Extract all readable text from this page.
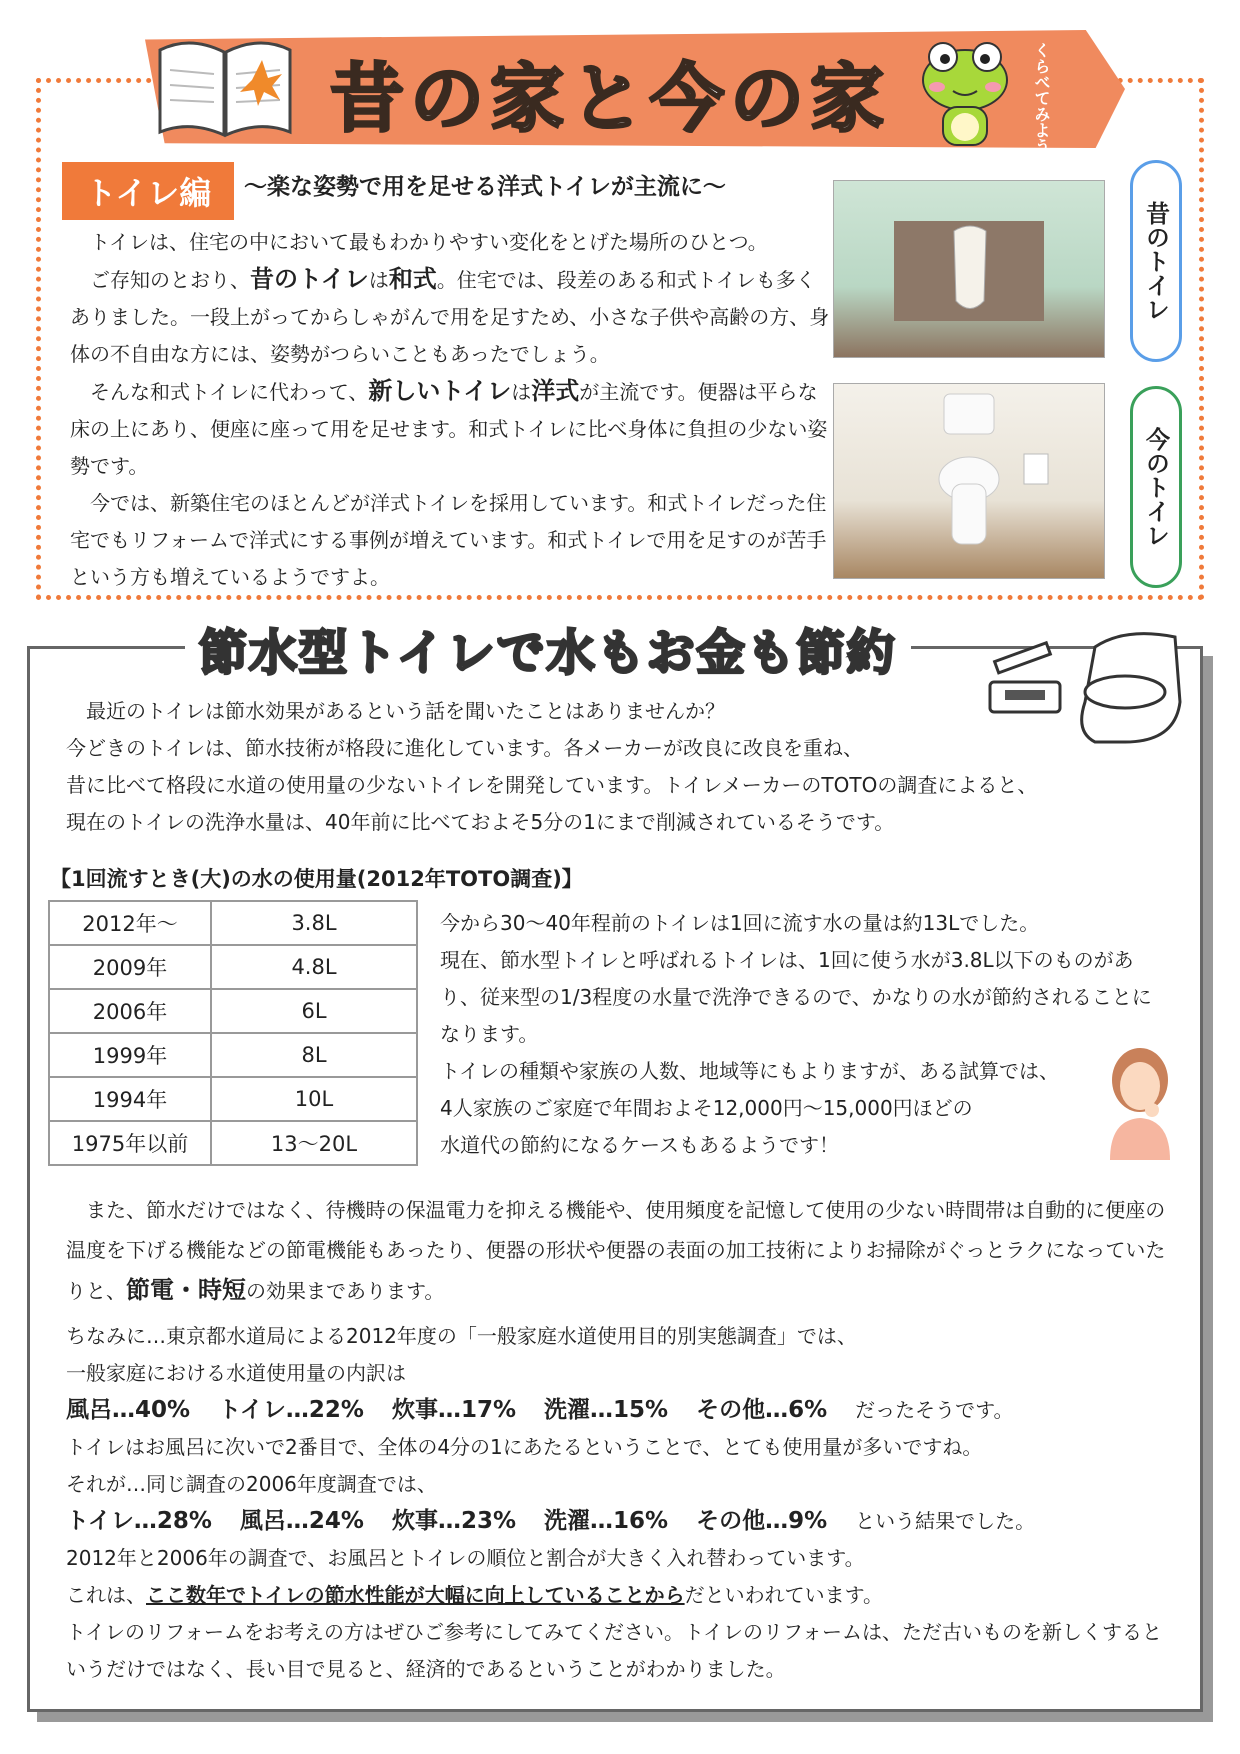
昔の家と今の家	くらべてみよう
トイレ編	〜楽な姿勢で用を足せる洋式トイレが主流に〜
トイレは、住宅の中において最もわかりやすい変化をとげた場所のひとつ。
ご存知のとおり、昔のトイレは和式。住宅では、段差のある和式トイレも多くありました。一段上がってからしゃがんで用を足すため、小さな子供や高齢の方、身体の不自由な方には、姿勢がつらいこともあったでしょう。
そんな和式トイレに代わって、新しいトイレは洋式が主流です。便器は平らな床の上にあり、便座に座って用を足せます。和式トイレに比べ身体に負担の少ない姿勢です。
今では、新築住宅のほとんどが洋式トイレを採用しています。和式トイレだった住宅でもリフォームで洋式にする事例が増えています。和式トイレで用を足すのが苦手という方も増えているようですよ。
昔のトイレ
今のトイレ
節水型トイレで水もお金も節約
最近のトイレは節水効果があるという話を聞いたことはありませんか？
今どきのトイレは、節水技術が格段に進化しています。各メーカーが改良に改良を重ね、
昔に比べて格段に水道の使用量の少ないトイレを開発しています。トイレメーカーのTOTOの調査によると、
現在のトイレの洗浄水量は、40年前に比べておよそ5分の1にまで削減されているそうです。
【1回流すとき(大)の水の使用量(2012年TOTO調査)】
2012年〜	3.8L
2009年	4.8L
2006年	6L
1999年	8L
1994年	10L
1975年以前	13〜20L
今から30〜40年程前のトイレは1回に流す水の量は約13Lでした。
現在、節水型トイレと呼ばれるトイレは、1回に使う水が3.8L以下のものがあり、従来型の1/3程度の水量で洗浄できるので、かなりの水が節約されることになります。
トイレの種類や家族の人数、地域等にもよりますが、ある試算では、
4人家族のご家庭で年間およそ12,000円〜15,000円ほどの
水道代の節約になるケースもあるようです！
また、節水だけではなく、待機時の保温電力を抑える機能や、使用頻度を記憶して使用の少ない時間帯は自動的に便座の温度を下げる機能などの節電機能もあったり、便器の形状や便器の表面の加工技術によりお掃除がぐっとラクになっていたりと、節電・時短の効果まであります。
ちなみに…東京都水道局による2012年度の「一般家庭水道使用目的別実態調査」では、
一般家庭における水道使用量の内訳は
風呂…40% トイレ…22% 炊事…17% 洗濯…15% その他…6% だったそうです。
トイレはお風呂に次いで2番目で、全体の4分の1にあたるということで、とても使用量が多いですね。
それが…同じ調査の2006年度調査では、
トイレ…28% 風呂…24% 炊事…23% 洗濯…16% その他…9% という結果でした。
2012年と2006年の調査で、お風呂とトイレの順位と割合が大きく入れ替わっています。
これは、ここ数年でトイレの節水性能が大幅に向上していることからだといわれています。
トイレのリフォームをお考えの方はぜひご参考にしてみてください。トイレのリフォームは、ただ古いものを新しくするというだけではなく、長い目で見ると、経済的であるということがわかりました。
